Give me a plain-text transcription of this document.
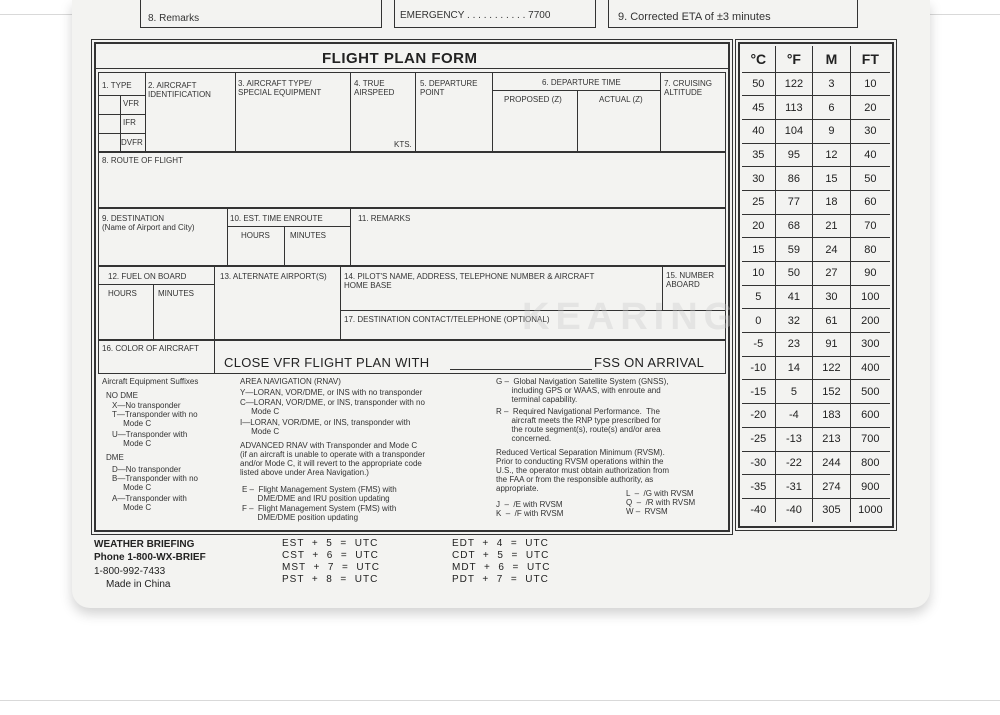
8. Remarks	EMERGENCY . . . . . . . . . . . 7700	9. Corrected ETA of ±3 minutes
FLIGHT PLAN FORM
1. TYPE
VFR
IFR
DVFR
2. AIRCRAFT
IDENTIFICATION
3. AIRCRAFT TYPE/
SPECIAL EQUIPMENT
4. TRUE
AIRSPEED
KTS.
5. DEPARTURE
POINT
6. DEPARTURE TIME
PROPOSED (Z)	ACTUAL (Z)
7. CRUISING
ALTITUDE
8. ROUTE OF FLIGHT
9. DESTINATION
(Name of Airport and City)
10. EST. TIME ENROUTE
HOURS	MINUTES
11. REMARKS
12. FUEL ON BOARD
HOURS	MINUTES
13. ALTERNATE AIRPORT(S) 14. PILOT'S NAME, ADDRESS, TELEPHONE NUMBER & AIRCRAFT
HOME BASE
15. NUMBER
ABOARD
17. DESTINATION CONTACT/TELEPHONE (OPTIONAL)
16. COLOR OF AIRCRAFT
CLOSE VFR FLIGHT PLAN WITH	FSS ON ARRIVAL
Aircraft Equipment Suffixes
NO DME
X—No transponder
T—Transponder with no
Mode C
U—Transponder with
Mode C
DME
D—No transponder
B—Transponder with no
Mode C
A—Transponder with
Mode C
AREA NAVIGATION (RNAV)
Y—LORAN, VOR/DME, or INS with no transponder
C—LORAN, VOR/DME, or INS, transponder with no
Mode C
I—LORAN, VOR/DME, or INS, transponder with
Mode C
ADVANCED RNAV with Transponder and Mode C
(if an aircraft is unable to operate with a transponder
and/or Mode C, it will revert to the appropriate code
listed above under Area Navigation.)
E –  Flight Management System (FMS) with
DME/DME and IRU position updating
F –  Flight Management System (FMS) with
DME/DME position updating
G –  Global Navigation Satellite System (GNSS),
including GPS or WAAS, with enroute and
terminal capability.
R –  Required Navigational Performance.  The
aircraft meets the RNP type prescribed for
the route segment(s), route(s) and/or area
concerned.
Reduced Vertical Separation Minimum (RVSM).
Prior to conducting RVSM operations within the
U.S., the operator must obtain authorization from
the FAA or from the responsible authority, as
appropriate.
J  –  /E with RVSM
K  –  /F with RVSM
L  –  /G with RVSM
Q  –  /R with RVSM
W –  RVSM
KEARING
°C	°F	M	FT
50	122	3	10
45	113	6	20
40	104	9	30
35	95	12	40
30	86	15	50
25	77	18	60
20	68	21	70
15	59	24	80
10	50	27	90
5	41	30	100
0	32	61	200
-5	23	91	300
-10	14	122	400
-15	5	152	500
-20	-4	183	600
-25	-13	213	700
-30	-22	244	800
-35	-31	274	900
-40	-40	305	1000
WEATHER BRIEFING
Phone 1-800-WX-BRIEF
1-800-992-7433
Made in China
EST  +  5  =  UTC
CST  +  6  =  UTC
MST  +  7  =  UTC
PST  +  8  =  UTC
EDT  +  4  =  UTC
CDT  +  5  =  UTC
MDT  +  6  =  UTC
PDT  +  7  =  UTC
